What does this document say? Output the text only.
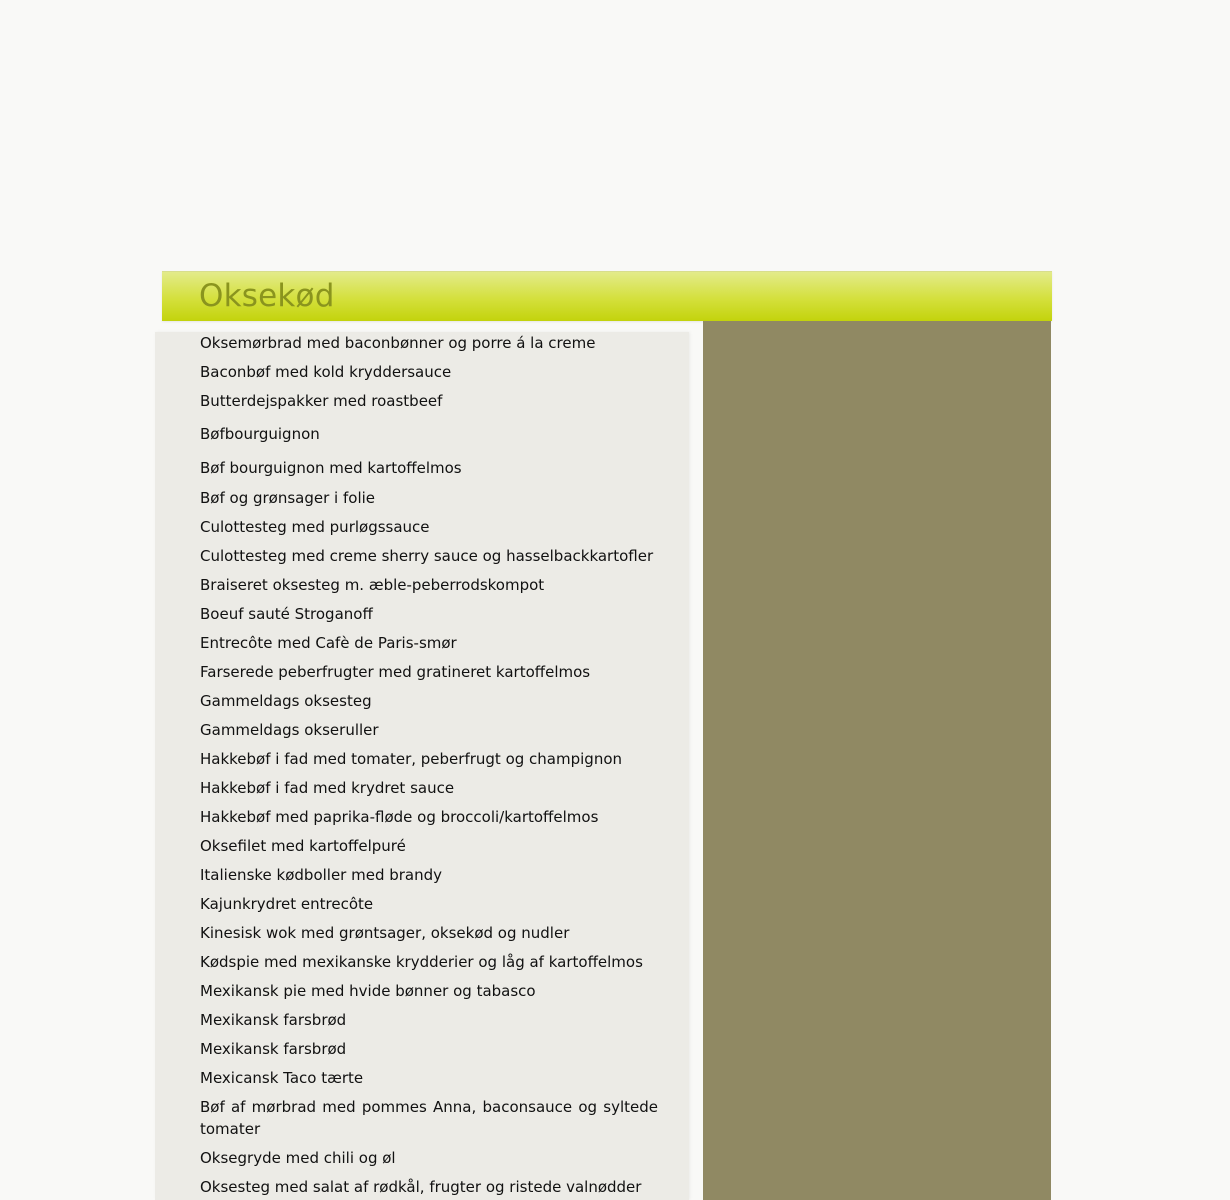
Oksekød
Oksemørbrad med baconbønner og porre á la creme
Baconbøf med kold kryddersauce
Butterdejspakker med roastbeef
Bøfbourguignon
Bøf bourguignon med kartoffelmos
Bøf og grønsager i folie
Culottesteg med purløgssauce
Culottesteg med creme sherry sauce og hasselbackkartofler
Braiseret oksesteg m. æble-peberrodskompot
Boeuf sauté Stroganoff
Entrecôte med Cafè de Paris-smør
Farserede peberfrugter med gratineret kartoffelmos
Gammeldags oksesteg
Gammeldags okseruller
Hakkebøf i fad med tomater, peberfrugt og champignon
Hakkebøf i fad med krydret sauce
Hakkebøf med paprika-fløde og broccoli/kartoffelmos
Oksefilet med kartoffelpuré
Italienske kødboller med brandy
Kajunkrydret entrecôte
Kinesisk wok med grøntsager, oksekød og nudler
Kødspie med mexikanske krydderier og låg af kartoffelmos
Mexikansk pie med hvide bønner og tabasco
Mexikansk farsbrød
Mexikansk farsbrød
Mexicansk Taco tærte
Bøf af mørbrad med pommes Anna, baconsauce og syltede tomater
Oksegryde med chili og øl
Oksesteg med salat af rødkål, frugter og ristede valnødder
